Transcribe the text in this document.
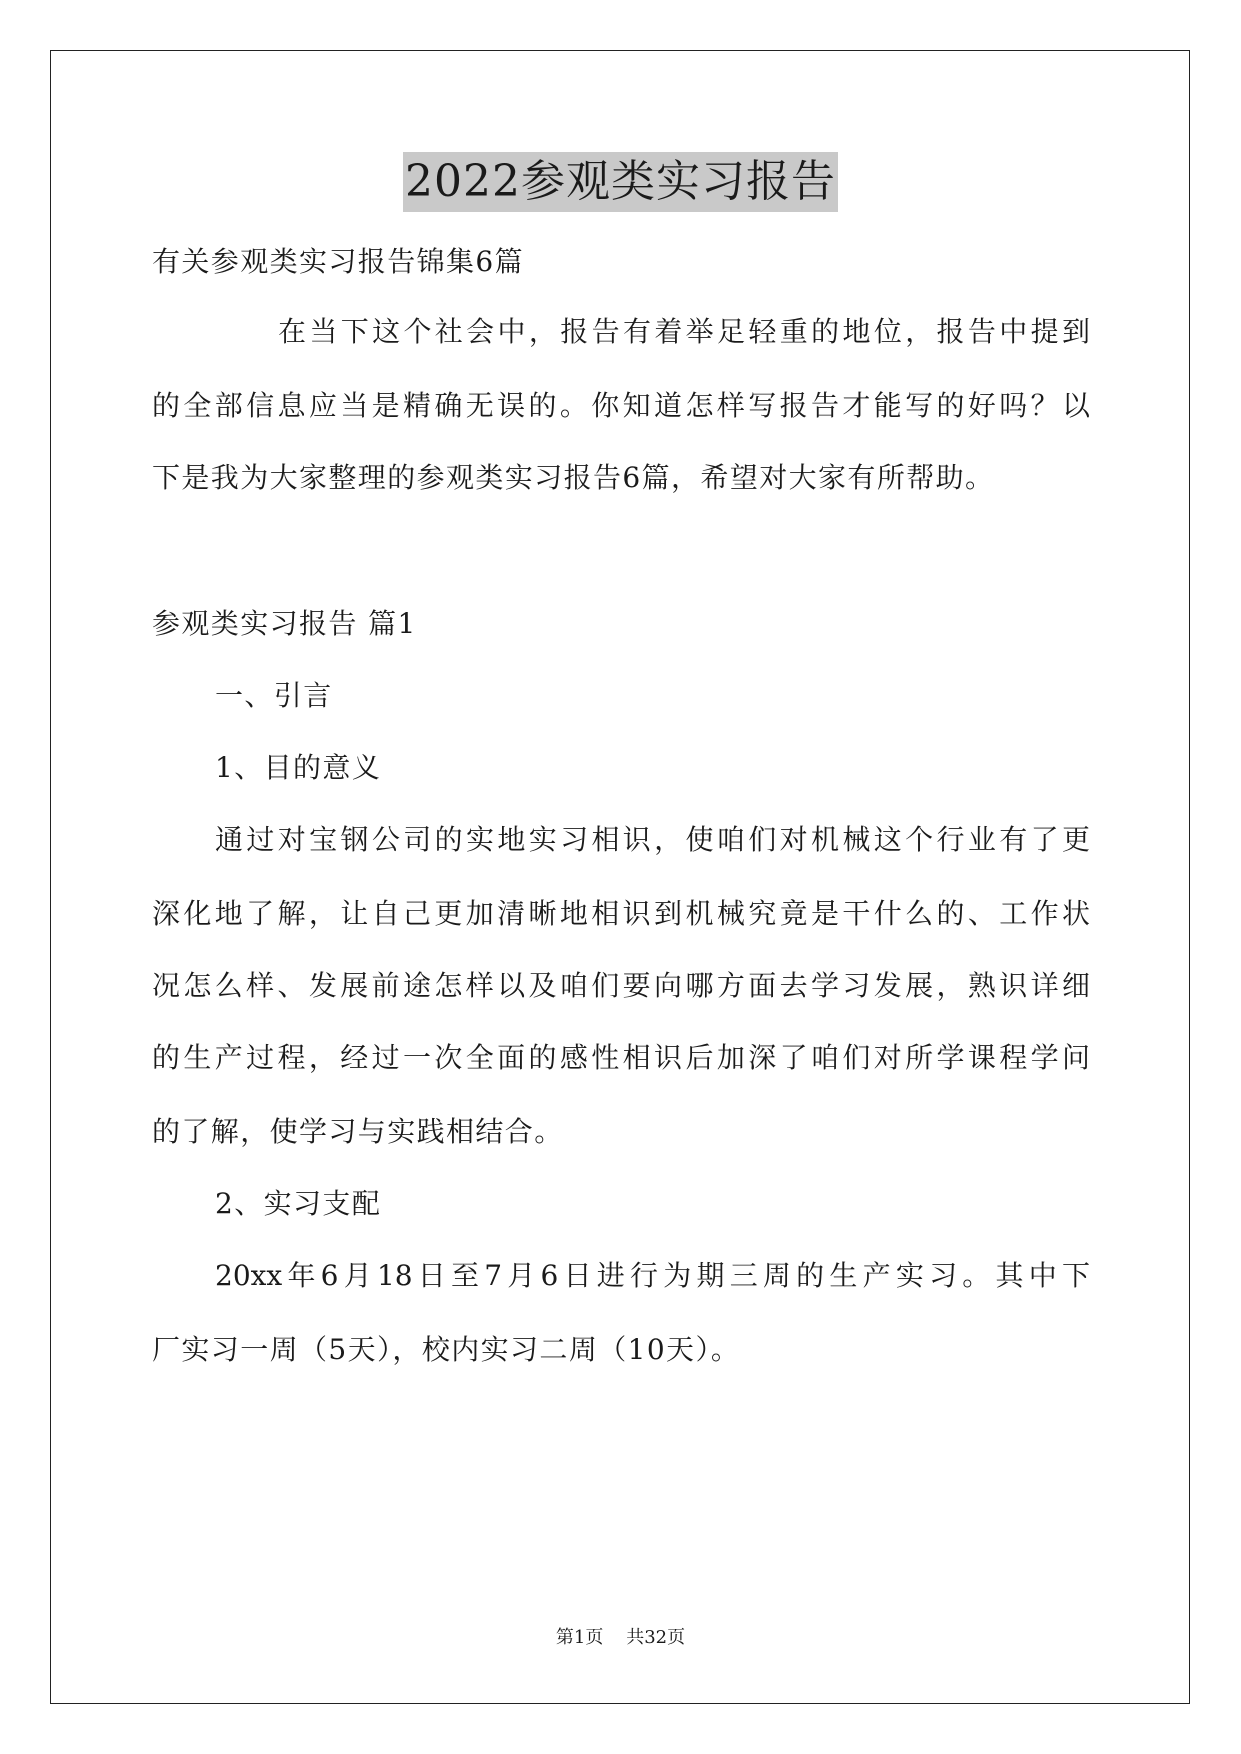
2022参观类实习报告
有关参观类实习报告锦集6篇
在当下这个社会中，报告有着举足轻重的地位，报告中提到
的全部信息应当是精确无误的。你知道怎样写报告才能写的好吗？以
下是我为大家整理的参观类实习报告6篇，希望对大家有所帮助。
参观类实习报告 篇1
一、引言
1、目的意义
通过对宝钢公司的实地实习相识，使咱们对机械这个行业有了更
深化地了解，让自己更加清晰地相识到机械究竟是干什么的、工作状
况怎么样、发展前途怎样以及咱们要向哪方面去学习发展，熟识详细
的生产过程，经过一次全面的感性相识后加深了咱们对所学课程学问
的了解，使学习与实践相结合。
2、实习支配
20xx年6月18日至7月6日进行为期三周的生产实习。其中下
厂实习一周（5天），校内实习二周（10天）。
第1页    共32页
